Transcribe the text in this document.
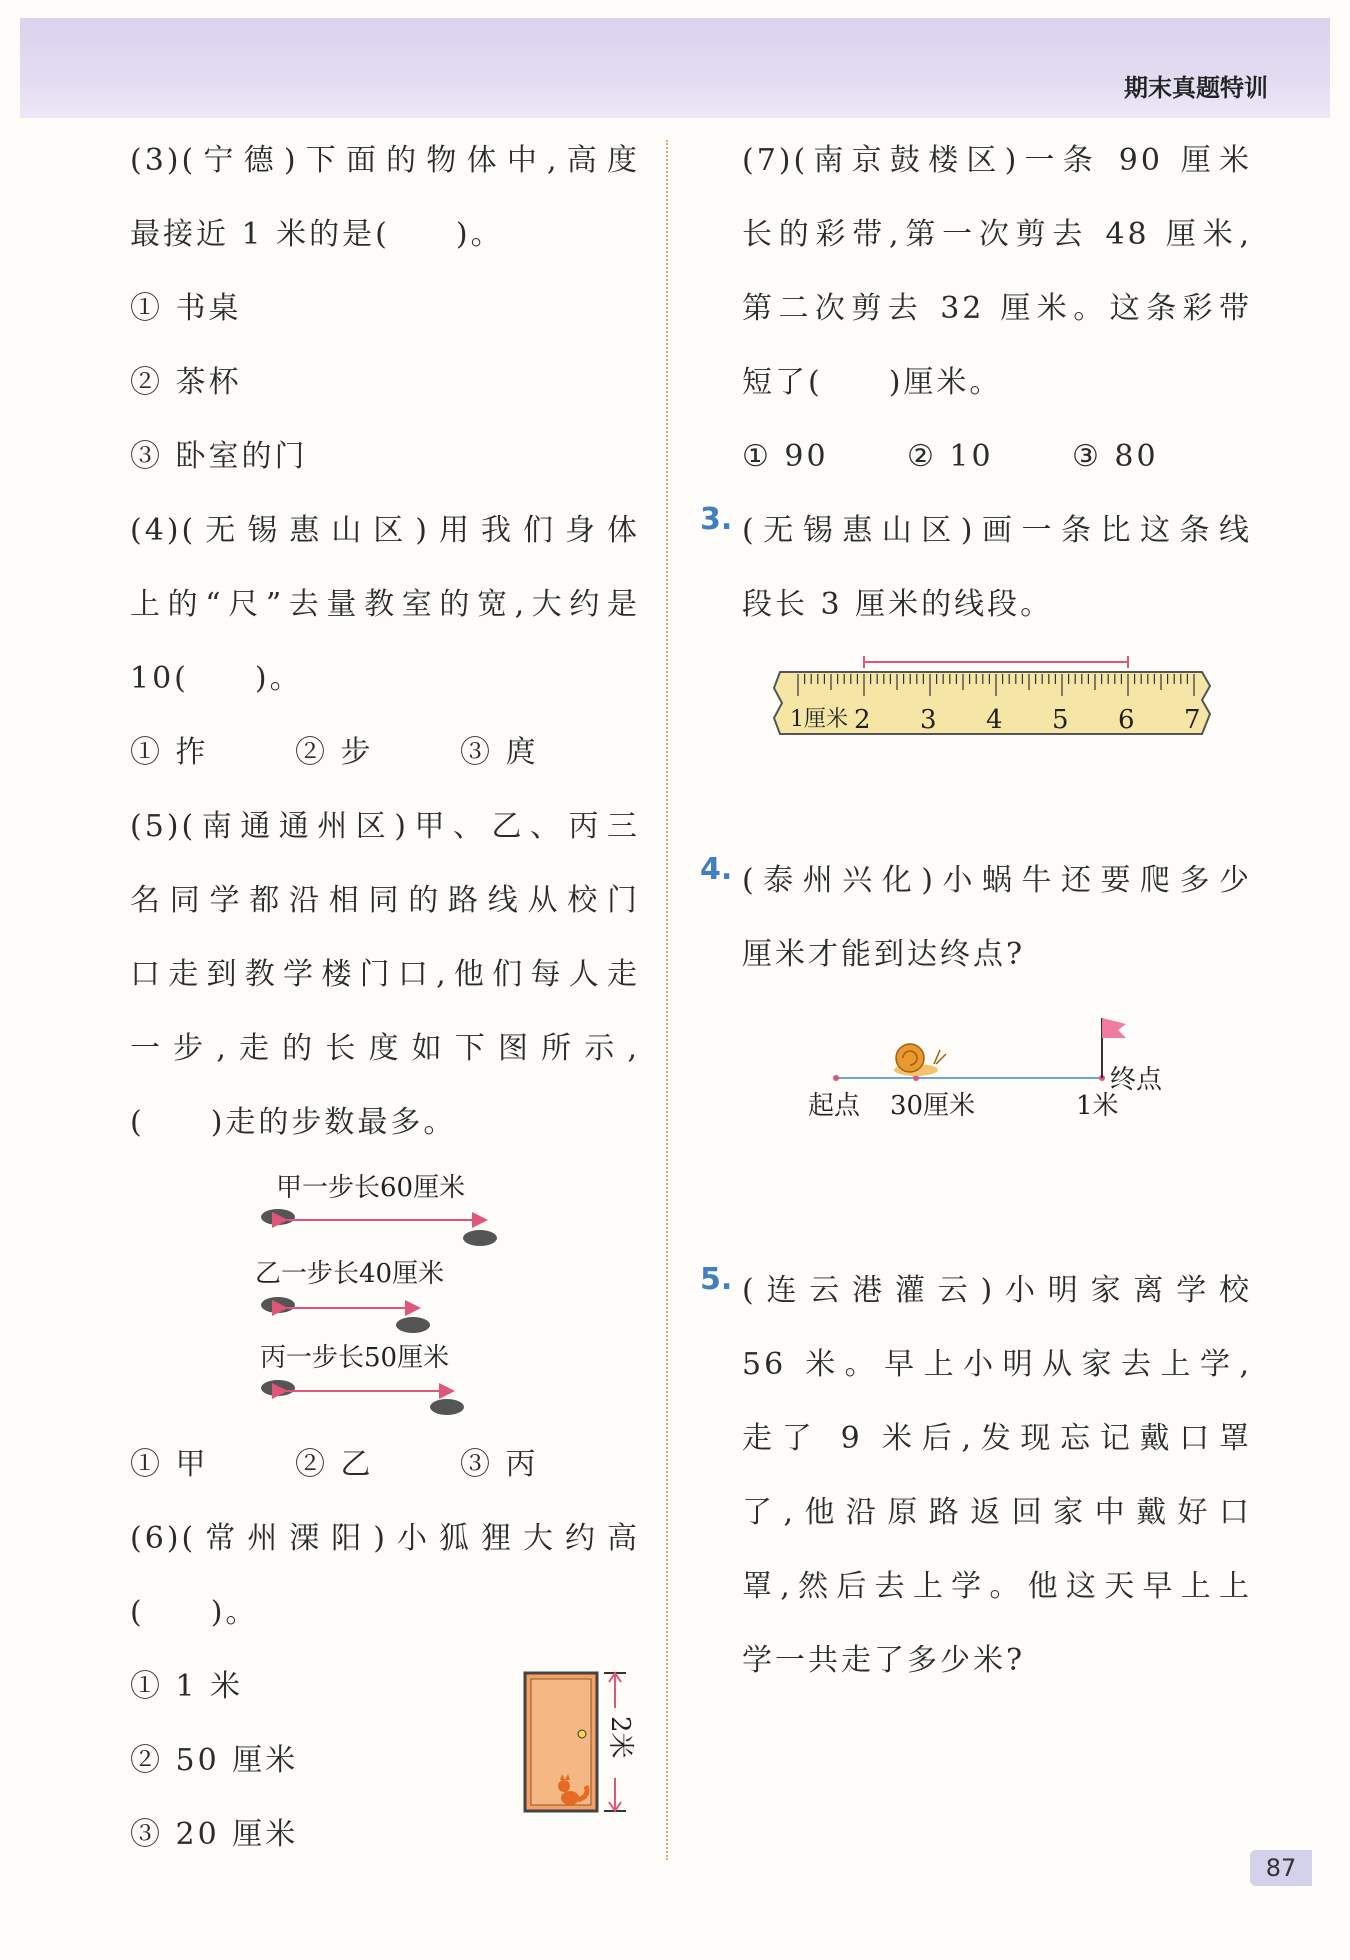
期末真题特训
(3)(宁德)下面的物体中,高度
最接近 1 米的是(　　)。
① 书桌
② 茶杯
③ 卧室的门
(4)(无锡惠山区)用我们身体
上的“尺”去量教室的宽,大约是
10(　　)。
① 拃	② 步	③ 庹
(5)(南通通州区)甲、乙、丙三
名同学都沿相同的路线从校门
口走到教学楼门口,他们每人走
一步,走的长度如下图所示,
(　　)走的步数最多。
甲一步长60厘米
乙一步长40厘米
丙一步长50厘米
① 甲	② 乙	③ 丙
(6)(常州溧阳)小狐狸大约高
(　　)。
① 1 米
② 50 厘米
③ 20 厘米
2米
(7)(南京鼓楼区)一条 90 厘米
长的彩带,第一次剪去 48 厘米,
第二次剪去 32 厘米。这条彩带
短了(　　)厘米。
① 90	② 10	③ 80
3. (无锡惠山区)画一条比这条线
段长 3 厘米的线段。
1厘米 2 3 4 5 6 7
4. (泰州兴化)小蜗牛还要爬多少
厘米才能到达终点?
起点 30厘米	1米
终点
5. (连云港灌云)小明家离学校
56 米。早上小明从家去上学,
走了 9 米后,发现忘记戴口罩
了,他沿原路返回家中戴好口
罩,然后去上学。他这天早上上
学一共走了多少米?
87
